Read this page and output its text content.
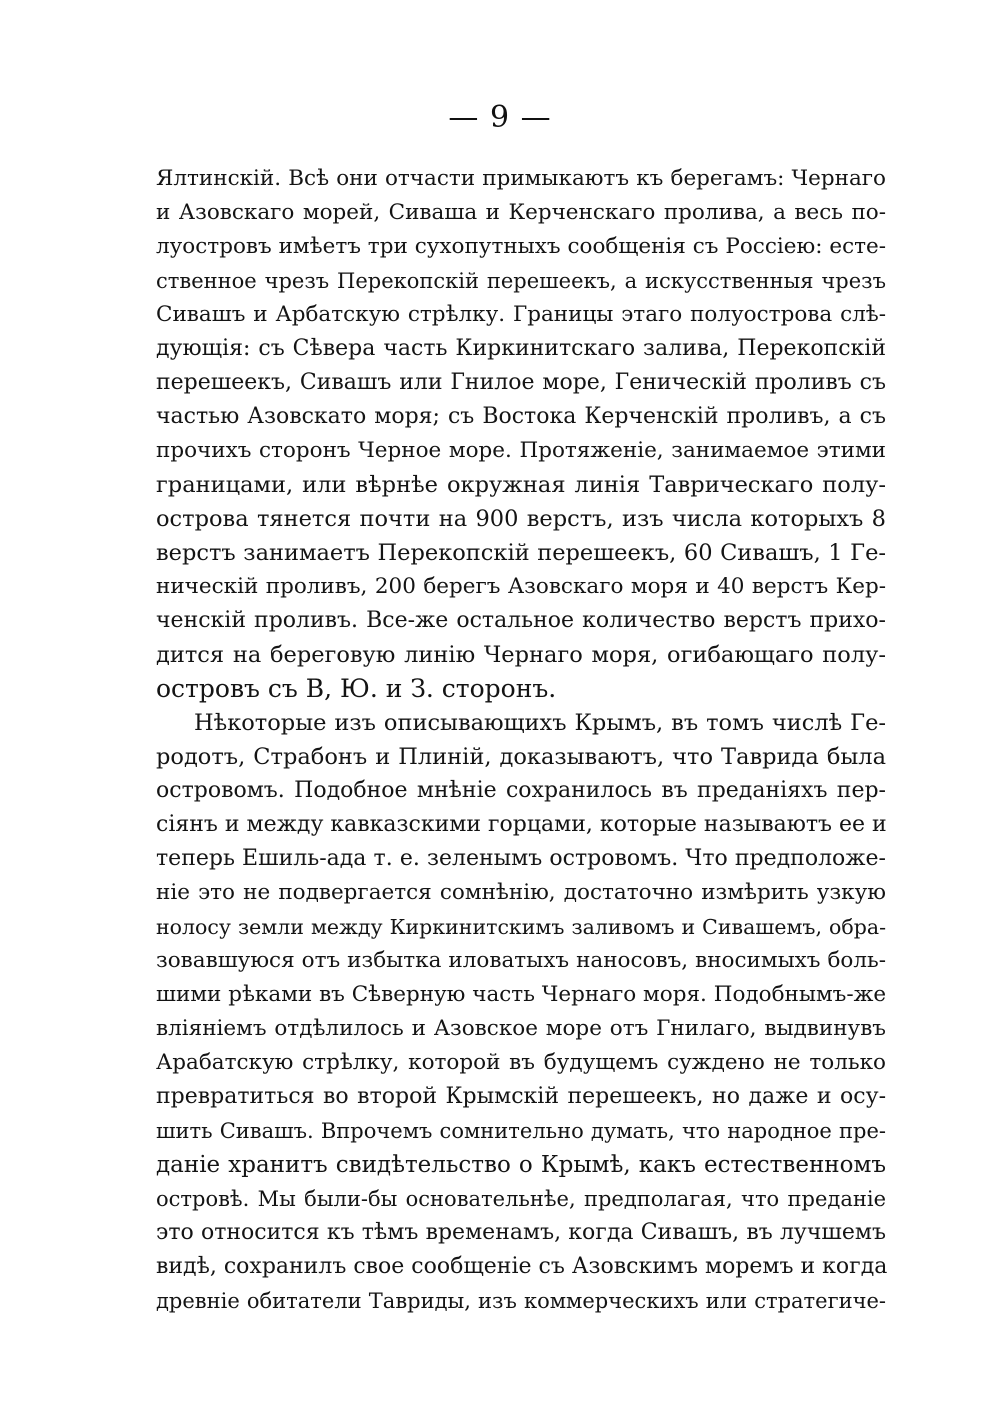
— 9 —
Ялтинскій. Всѣ они отчасти примыкаютъ къ берегамъ: Чернаго
и Азовскаго морей, Сиваша и Керченскаго пролива, а весь по-
луостровъ имѣетъ три сухопутныхъ сообщенія съ Россіею: есте-
ственное чрезъ Перекопскій перешеекъ, а искусственныя чрезъ
Сивашъ и Арбатскую стрѣлку. Границы этаго полуострова слѣ-
дующія: съ Сѣвера часть Киркинитскаго залива, Перекопскій
перешеекъ, Сивашъ или Гнилое море, Геническій проливъ съ
частью Азовскато моря; съ Востока Керченскій проливъ, а съ
прочихъ сторонъ Черное море. Протяженіе, занимаемое этими
границами, или вѣрнѣе окружная линія Таврическаго полу-
острова тянется почти на 900 верстъ, изъ числа которыхъ 8
верстъ занимаетъ Перекопскій перешеекъ, 60 Сивашъ, 1 Ге-
ническій проливъ, 200 берегъ Азовскаго моря и 40 верстъ Кер-
ченскій проливъ. Все-же остальное количество верстъ прихо-
дится на береговую линію Чернаго моря, огибающаго полу-
островъ съ В, Ю. и З. сторонъ.
Нѣкоторые изъ описывающихъ Крымъ, въ томъ числѣ Ге-
родотъ, Страбонъ и Плиній, доказываютъ, что Таврида была
островомъ. Подобное мнѣніе сохранилось въ преданіяхъ пер-
сіянъ и между кавказскими горцами, которые называютъ ее и
теперь Ешиль-ада т. е. зеленымъ островомъ. Что предположе-
ніе это не подвергается сомнѣнію, достаточно измѣрить узкую
нолосу земли между Киркинитскимъ заливомъ и Сивашемъ, обра-
зовавшуюся отъ избытка иловатыхъ наносовъ, вносимыхъ боль-
шими рѣками въ Сѣверную часть Чернаго моря. Подобнымъ-же
вліяніемъ отдѣлилось и Азовское море отъ Гнилаго, выдвинувъ
Арабатскую стрѣлку, которой въ будущемъ суждено не только
превратиться во второй Крымскій перешеекъ, но даже и осу-
шить Сивашъ. Впрочемъ сомнительно думать, что народное пре-
даніе хранитъ свидѣтельство о Крымѣ, какъ естественномъ
островѣ. Мы были-бы основательнѣе, предполагая, что преданіе
это относится къ тѣмъ временамъ, когда Сивашъ, въ лучшемъ
видѣ, сохранилъ свое сообщеніе съ Азовскимъ моремъ и когда
древніе обитатели Тавриды, изъ коммерческихъ или стратегиче-
